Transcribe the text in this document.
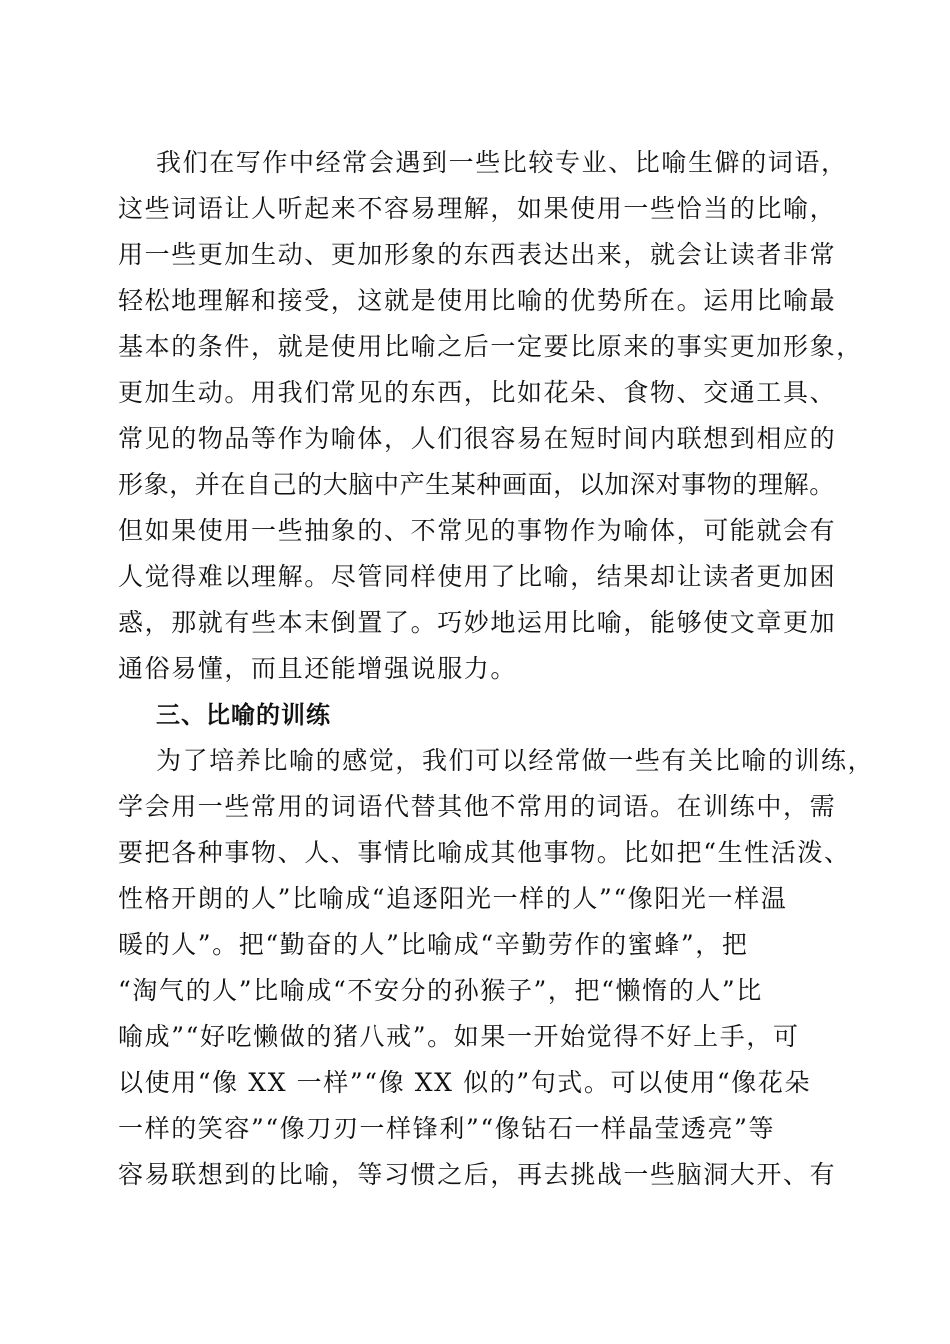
我们在写作中经常会遇到一些比较专业、比喻生僻的词语，
这些词语让人听起来不容易理解，如果使用一些恰当的比喻，
用一些更加生动、更加形象的东西表达出来，就会让读者非常
轻松地理解和接受，这就是使用比喻的优势所在。运用比喻最
基本的条件，就是使用比喻之后一定要比原来的事实更加形象，
更加生动。用我们常见的东西，比如花朵、食物、交通工具、
常见的物品等作为喻体，人们很容易在短时间内联想到相应的
形象，并在自己的大脑中产生某种画面，以加深对事物的理解。
但如果使用一些抽象的、不常见的事物作为喻体，可能就会有
人觉得难以理解。尽管同样使用了比喻，结果却让读者更加困
惑，那就有些本末倒置了。巧妙地运用比喻，能够使文章更加
通俗易懂，而且还能增强说服力。
三、比喻的训练
为了培养比喻的感觉，我们可以经常做一些有关比喻的训练，
学会用一些常用的词语代替其他不常用的词语。在训练中，需
要把各种事物、人、事情比喻成其他事物。比如把“生性活泼、
性格开朗的人”比喻成“追逐阳光一样的人”“像阳光一样温
暖的人”。把“勤奋的人”比喻成“辛勤劳作的蜜蜂”，把
“淘气的人”比喻成“不安分的孙猴子”，把“懒惰的人”比
喻成”“好吃懒做的猪八戒”。如果一开始觉得不好上手，可
以使用“像 XX 一样”“像 XX 似的”句式。可以使用“像花朵
一样的笑容”“像刀刃一样锋利”“像钻石一样晶莹透亮”等
容易联想到的比喻，等习惯之后，再去挑战一些脑洞大开、有
